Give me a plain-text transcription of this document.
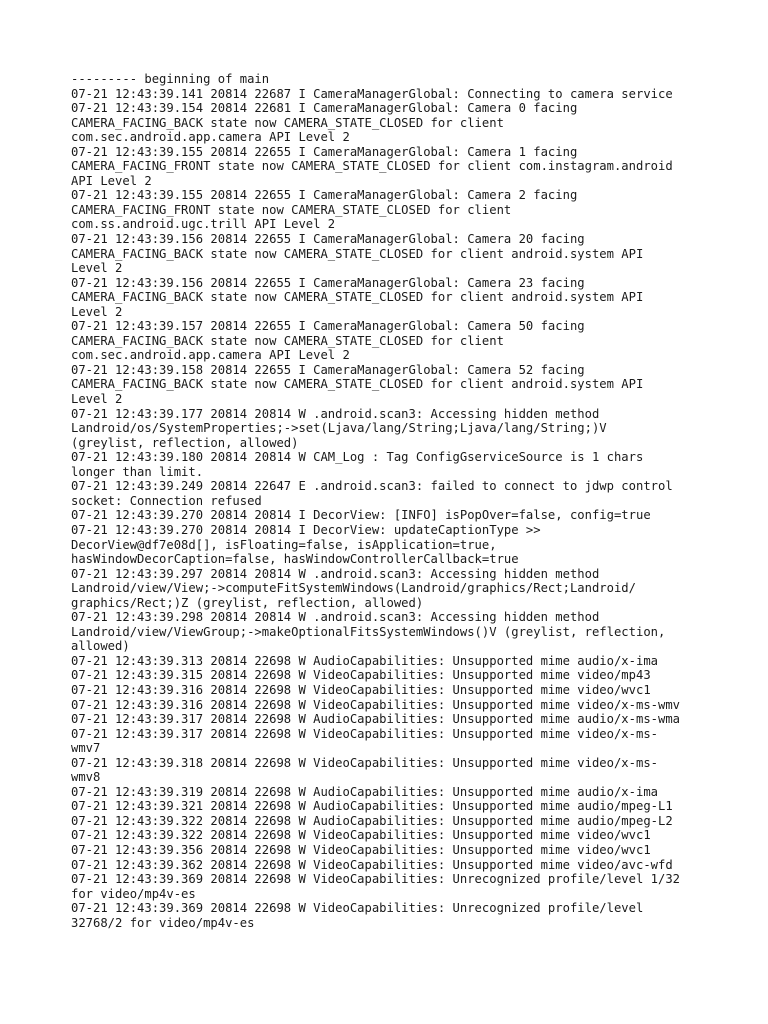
--------- beginning of main
07-21 12:43:39.141 20814 22687 I CameraManagerGlobal: Connecting to camera service
07-21 12:43:39.154 20814 22681 I CameraManagerGlobal: Camera 0 facing
CAMERA_FACING_BACK state now CAMERA_STATE_CLOSED for client
com.sec.android.app.camera API Level 2
07-21 12:43:39.155 20814 22655 I CameraManagerGlobal: Camera 1 facing
CAMERA_FACING_FRONT state now CAMERA_STATE_CLOSED for client com.instagram.android
API Level 2
07-21 12:43:39.155 20814 22655 I CameraManagerGlobal: Camera 2 facing
CAMERA_FACING_FRONT state now CAMERA_STATE_CLOSED for client
com.ss.android.ugc.trill API Level 2
07-21 12:43:39.156 20814 22655 I CameraManagerGlobal: Camera 20 facing
CAMERA_FACING_BACK state now CAMERA_STATE_CLOSED for client android.system API
Level 2
07-21 12:43:39.156 20814 22655 I CameraManagerGlobal: Camera 23 facing
CAMERA_FACING_BACK state now CAMERA_STATE_CLOSED for client android.system API
Level 2
07-21 12:43:39.157 20814 22655 I CameraManagerGlobal: Camera 50 facing
CAMERA_FACING_BACK state now CAMERA_STATE_CLOSED for client
com.sec.android.app.camera API Level 2
07-21 12:43:39.158 20814 22655 I CameraManagerGlobal: Camera 52 facing
CAMERA_FACING_BACK state now CAMERA_STATE_CLOSED for client android.system API
Level 2
07-21 12:43:39.177 20814 20814 W .android.scan3: Accessing hidden method
Landroid/os/SystemProperties;->set(Ljava/lang/String;Ljava/lang/String;)V
(greylist, reflection, allowed)
07-21 12:43:39.180 20814 20814 W CAM_Log : Tag ConfigGserviceSource is 1 chars
longer than limit.
07-21 12:43:39.249 20814 22647 E .android.scan3: failed to connect to jdwp control
socket: Connection refused
07-21 12:43:39.270 20814 20814 I DecorView: [INFO] isPopOver=false, config=true
07-21 12:43:39.270 20814 20814 I DecorView: updateCaptionType >>
DecorView@df7e08d[], isFloating=false, isApplication=true,
hasWindowDecorCaption=false, hasWindowControllerCallback=true
07-21 12:43:39.297 20814 20814 W .android.scan3: Accessing hidden method
Landroid/view/View;->computeFitSystemWindows(Landroid/graphics/Rect;Landroid/
graphics/Rect;)Z (greylist, reflection, allowed)
07-21 12:43:39.298 20814 20814 W .android.scan3: Accessing hidden method
Landroid/view/ViewGroup;->makeOptionalFitsSystemWindows()V (greylist, reflection,
allowed)
07-21 12:43:39.313 20814 22698 W AudioCapabilities: Unsupported mime audio/x-ima
07-21 12:43:39.315 20814 22698 W VideoCapabilities: Unsupported mime video/mp43
07-21 12:43:39.316 20814 22698 W VideoCapabilities: Unsupported mime video/wvc1
07-21 12:43:39.316 20814 22698 W VideoCapabilities: Unsupported mime video/x-ms-wmv
07-21 12:43:39.317 20814 22698 W AudioCapabilities: Unsupported mime audio/x-ms-wma
07-21 12:43:39.317 20814 22698 W VideoCapabilities: Unsupported mime video/x-ms-
wmv7
07-21 12:43:39.318 20814 22698 W VideoCapabilities: Unsupported mime video/x-ms-
wmv8
07-21 12:43:39.319 20814 22698 W AudioCapabilities: Unsupported mime audio/x-ima
07-21 12:43:39.321 20814 22698 W AudioCapabilities: Unsupported mime audio/mpeg-L1
07-21 12:43:39.322 20814 22698 W AudioCapabilities: Unsupported mime audio/mpeg-L2
07-21 12:43:39.322 20814 22698 W VideoCapabilities: Unsupported mime video/wvc1
07-21 12:43:39.356 20814 22698 W VideoCapabilities: Unsupported mime video/wvc1
07-21 12:43:39.362 20814 22698 W VideoCapabilities: Unsupported mime video/avc-wfd
07-21 12:43:39.369 20814 22698 W VideoCapabilities: Unrecognized profile/level 1/32
for video/mp4v-es
07-21 12:43:39.369 20814 22698 W VideoCapabilities: Unrecognized profile/level
32768/2 for video/mp4v-es
